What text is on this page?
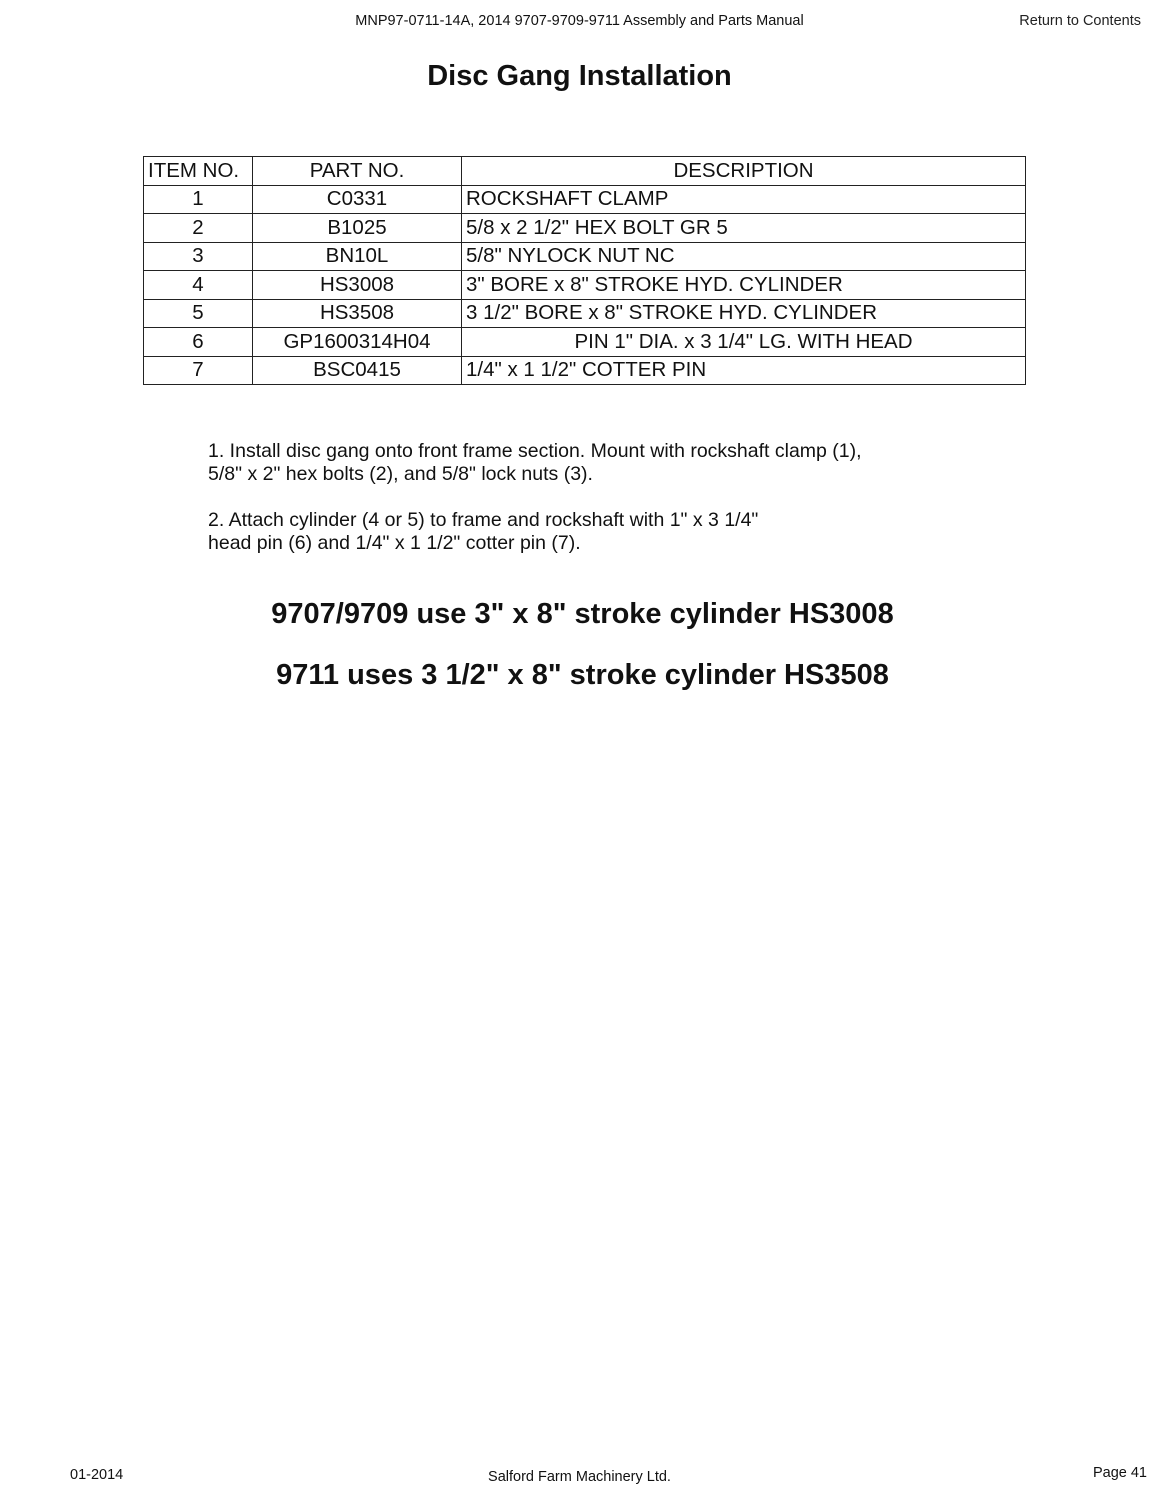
MNP97-0711-14A, 2014 9707-9709-9711 Assembly and Parts Manual	Return to Contents
Disc Gang Installation
ITEM NO.	PART NO.	DESCRIPTION
1	C0331	ROCKSHAFT CLAMP
2	B1025	5/8 x 2 1/2" HEX BOLT GR 5
3	BN10L	5/8" NYLOCK NUT NC
4	HS3008	3" BORE x 8" STROKE HYD. CYLINDER
5	HS3508	3 1/2" BORE x 8" STROKE HYD. CYLINDER
6	GP1600314H04	PIN 1" DIA. x 3 1/4" LG. WITH HEAD
7	BSC0415	1/4" x 1 1/2" COTTER PIN
1. Install disc gang onto front frame section. Mount with rockshaft clamp (1),
5/8" x 2" hex bolts (2), and 5/8" lock nuts (3).
2. Attach cylinder (4 or 5) to frame and rockshaft with 1" x 3 1/4"
head pin (6) and 1/4" x 1 1/2" cotter pin (7).
9707/9709 use 3" x 8" stroke cylinder HS3008
9711 uses 3 1/2" x 8" stroke cylinder HS3508
01-2014	Salford Farm Machinery Ltd.	Page 41
